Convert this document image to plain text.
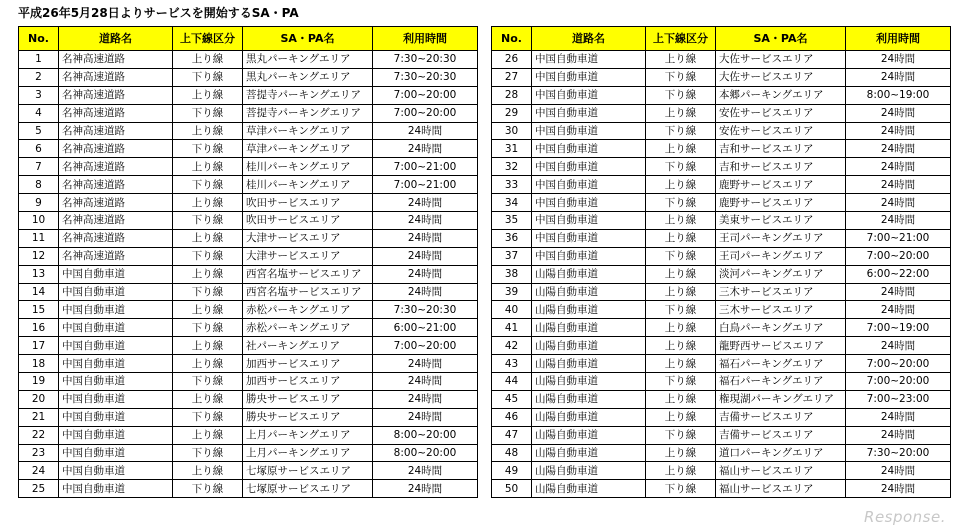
平成26年5月28日よりサービスを開始するSA・PA
No.	道路名	上下線区分	SA・PA名	利用時間
1	名神高速道路	上り線	黒丸パーキングエリア	7:30~20:30
2	名神高速道路	下り線	黒丸パーキングエリア	7:30~20:30
3	名神高速道路	上り線	菩提寺パーキングエリア	7:00~20:00
4	名神高速道路	下り線	菩提寺パーキングエリア	7:00~20:00
5	名神高速道路	上り線	草津パーキングエリア	24時間
6	名神高速道路	下り線	草津パーキングエリア	24時間
7	名神高速道路	上り線	桂川パーキングエリア	7:00~21:00
8	名神高速道路	下り線	桂川パーキングエリア	7:00~21:00
9	名神高速道路	上り線	吹田サービスエリア	24時間
10	名神高速道路	下り線	吹田サービスエリア	24時間
11	名神高速道路	上り線	大津サービスエリア	24時間
12	名神高速道路	下り線	大津サービスエリア	24時間
13	中国自動車道	上り線	西宮名塩サービスエリア	24時間
14	中国自動車道	下り線	西宮名塩サービスエリア	24時間
15	中国自動車道	上り線	赤松パーキングエリア	7:30~20:30
16	中国自動車道	下り線	赤松パーキングエリア	6:00~21:00
17	中国自動車道	上り線	社パーキングエリア	7:00~20:00
18	中国自動車道	上り線	加西サービスエリア	24時間
19	中国自動車道	下り線	加西サービスエリア	24時間
20	中国自動車道	上り線	勝央サービスエリア	24時間
21	中国自動車道	下り線	勝央サービスエリア	24時間
22	中国自動車道	上り線	上月パーキングエリア	8:00~20:00
23	中国自動車道	下り線	上月パーキングエリア	8:00~20:00
24	中国自動車道	上り線	七塚原サービスエリア	24時間
25	中国自動車道	下り線	七塚原サービスエリア	24時間
No.	道路名	上下線区分	SA・PA名	利用時間
26	中国自動車道	上り線	大佐サービスエリア	24時間
27	中国自動車道	下り線	大佐サービスエリア	24時間
28	中国自動車道	下り線	本郷パーキングエリア	8:00~19:00
29	中国自動車道	上り線	安佐サービスエリア	24時間
30	中国自動車道	下り線	安佐サービスエリア	24時間
31	中国自動車道	上り線	吉和サービスエリア	24時間
32	中国自動車道	下り線	吉和サービスエリア	24時間
33	中国自動車道	上り線	鹿野サービスエリア	24時間
34	中国自動車道	下り線	鹿野サービスエリア	24時間
35	中国自動車道	上り線	美東サービスエリア	24時間
36	中国自動車道	上り線	王司パーキングエリア	7:00~21:00
37	中国自動車道	下り線	王司パーキングエリア	7:00~20:00
38	山陽自動車道	上り線	淡河パーキングエリア	6:00~22:00
39	山陽自動車道	上り線	三木サービスエリア	24時間
40	山陽自動車道	下り線	三木サービスエリア	24時間
41	山陽自動車道	上り線	白鳥パーキングエリア	7:00~19:00
42	山陽自動車道	上り線	龍野西サービスエリア	24時間
43	山陽自動車道	上り線	福石パーキングエリア	7:00~20:00
44	山陽自動車道	下り線	福石パーキングエリア	7:00~20:00
45	山陽自動車道	上り線	権現湖パーキングエリア	7:00~23:00
46	山陽自動車道	上り線	吉備サービスエリア	24時間
47	山陽自動車道	下り線	吉備サービスエリア	24時間
48	山陽自動車道	上り線	道口パーキングエリア	7:30~20:00
49	山陽自動車道	上り線	福山サービスエリア	24時間
50	山陽自動車道	下り線	福山サービスエリア	24時間
Response.
